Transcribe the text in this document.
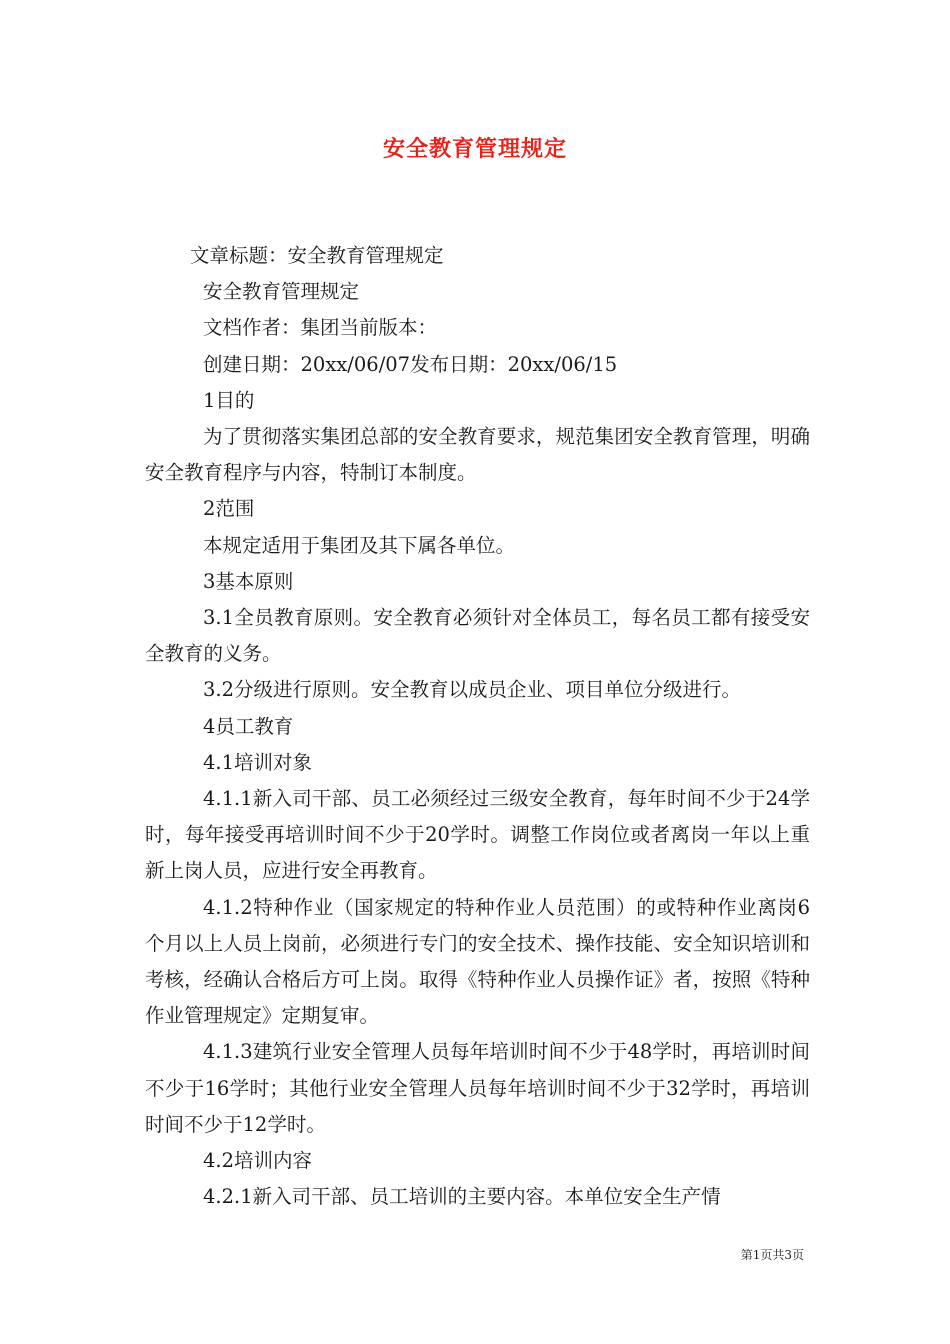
安全教育管理规定

文章标题：安全教育管理规定

安全教育管理规定

文档作者：集团当前版本：

创建日期：20xx/06/07发布日期：20xx/06/15

1目的

为了贯彻落实集团总部的安全教育要求，规范集团安全教育管理，明确安全教育程序与内容，特制订本制度。

2范围

本规定适用于集团及其下属各单位。

3基本原则

3.1全员教育原则。安全教育必须针对全体员工，每名员工都有接受安全教育的义务。

3.2分级进行原则。安全教育以成员企业、项目单位分级进行。

4员工教育

4.1培训对象

4.1.1新入司干部、员工必须经过三级安全教育，每年时间不少于24学时，每年接受再培训时间不少于20学时。调整工作岗位或者离岗一年以上重新上岗人员，应进行安全再教育。

4.1.2特种作业（国家规定的特种作业人员范围）的或特种作业离岗6个月以上人员上岗前，必须进行专门的安全技术、操作技能、安全知识培训和考核，经确认合格后方可上岗。取得《特种作业人员操作证》者，按照《特种作业管理规定》定期复审。

4.1.3建筑行业安全管理人员每年培训时间不少于48学时，再培训时间不少于16学时；其他行业安全管理人员每年培训时间不少于32学时，再培训时间不少于12学时。

4.2培训内容

4.2.1新入司干部、员工培训的主要内容。本单位安全生产情

第1页共3页
